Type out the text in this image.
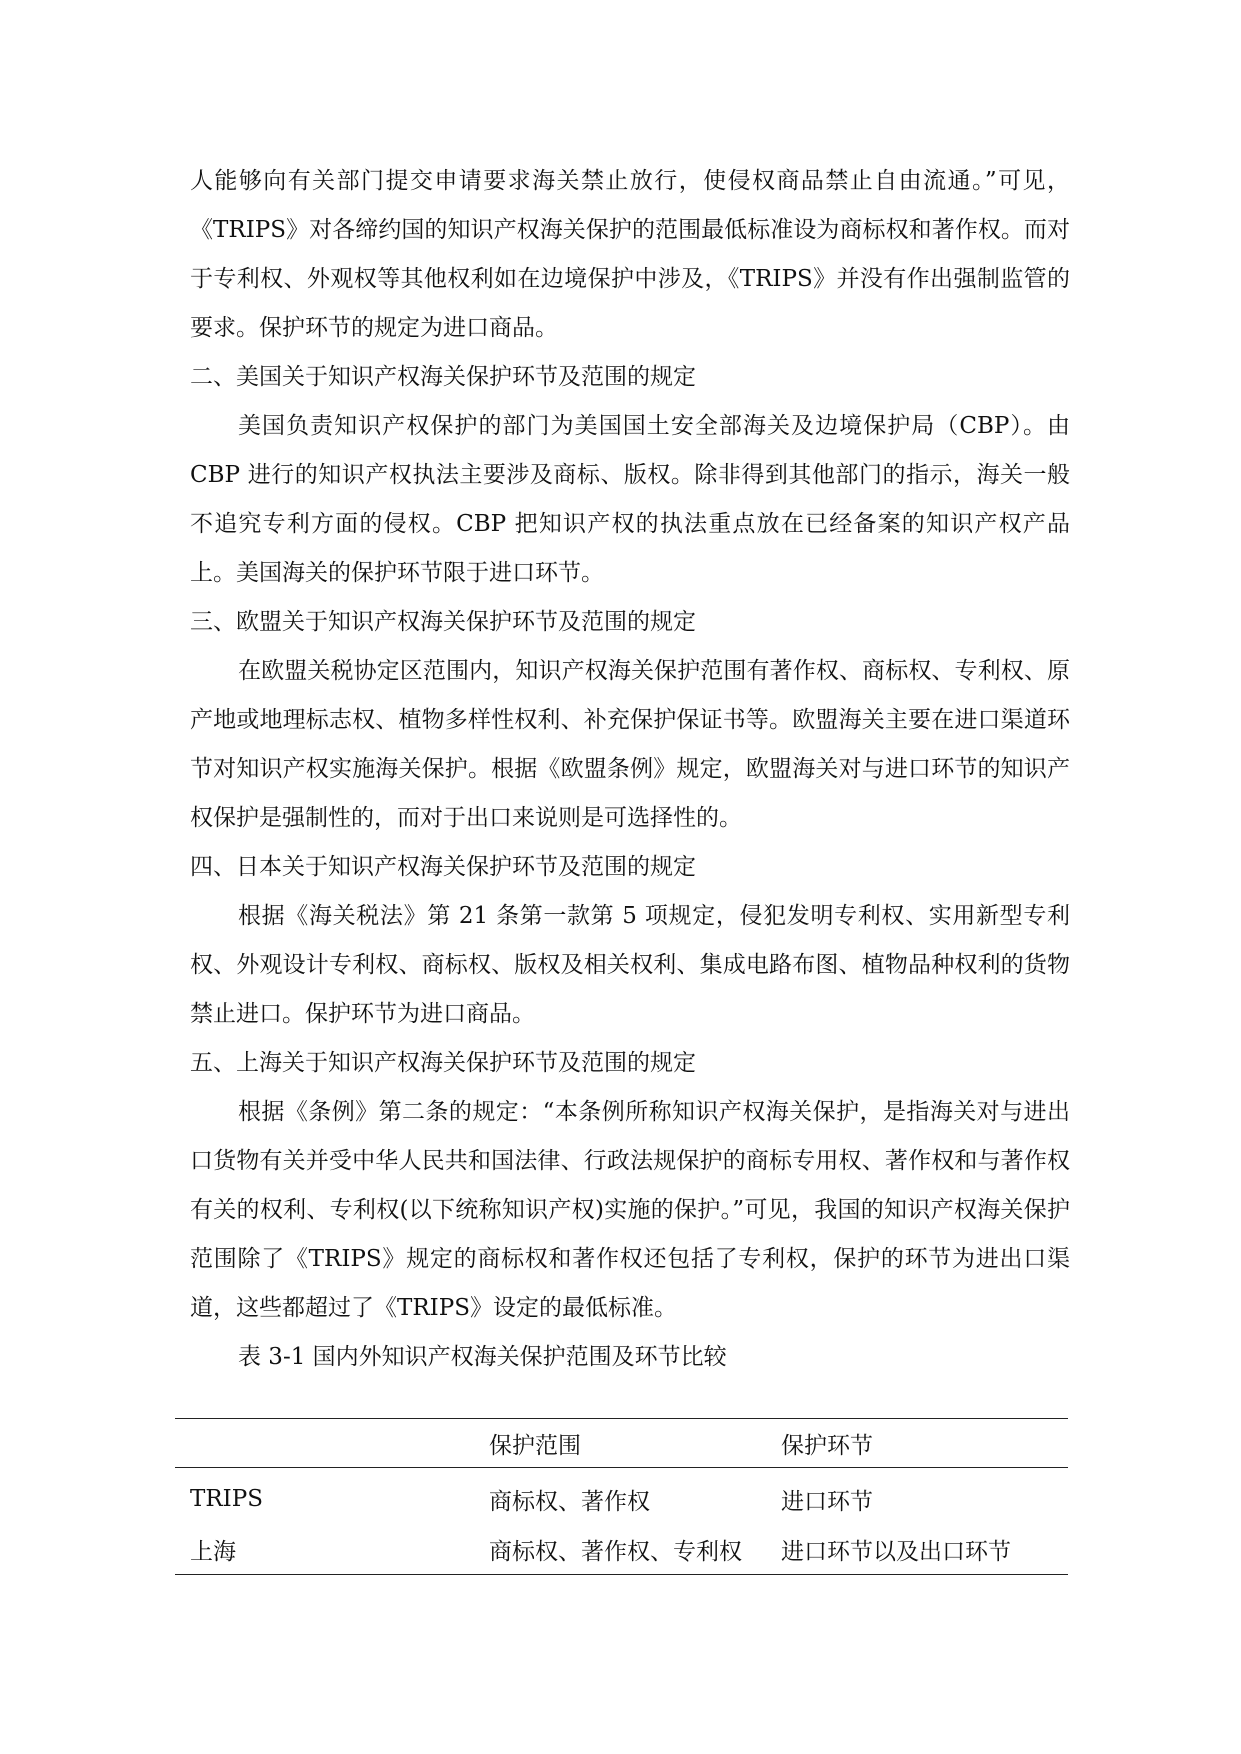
人能够向有关部门提交申请要求海关禁止放行，使侵权商品禁止自由流通。”可见，《TRIPS》对各缔约国的知识产权海关保护的范围最低标准设为商标权和著作权。而对于专利权、外观权等其他权利如在边境保护中涉及，《TRIPS》并没有作出强制监管的要求。保护环节的规定为进口商品。

二、美国关于知识产权海关保护环节及范围的规定

美国负责知识产权保护的部门为美国国土安全部海关及边境保护局（CBP）。由 CBP 进行的知识产权执法主要涉及商标、版权。除非得到其他部门的指示，海关一般不追究专利方面的侵权。CBP 把知识产权的执法重点放在已经备案的知识产权产品上。美国海关的保护环节限于进口环节。

三、欧盟关于知识产权海关保护环节及范围的规定

在欧盟关税协定区范围内，知识产权海关保护范围有著作权、商标权、专利权、原产地或地理标志权、植物多样性权利、补充保护保证书等。欧盟海关主要在进口渠道环节对知识产权实施海关保护。根据《欧盟条例》规定，欧盟海关对与进口环节的知识产权保护是强制性的，而对于出口来说则是可选择性的。

四、日本关于知识产权海关保护环节及范围的规定

根据《海关税法》第 21 条第一款第 5 项规定，侵犯发明专利权、实用新型专利权、外观设计专利权、商标权、版权及相关权利、集成电路布图、植物品种权利的货物禁止进口。保护环节为进口商品。

五、上海关于知识产权海关保护环节及范围的规定

根据《条例》第二条的规定：“本条例所称知识产权海关保护，是指海关对与进出口货物有关并受中华人民共和国法律、行政法规保护的商标专用权、著作权和与著作权有关的权利、专利权(以下统称知识产权)实施的保护。”可见，我国的知识产权海关保护范围除了《TRIPS》规定的商标权和著作权还包括了专利权，保护的环节为进出口渠道，这些都超过了《TRIPS》设定的最低标准。

表 3-1 国内外知识产权海关保护范围及环节比较

	保护范围	保护环节
TRIPS	商标权、著作权	进口环节
上海	商标权、著作权、专利权	进口环节以及出口环节
